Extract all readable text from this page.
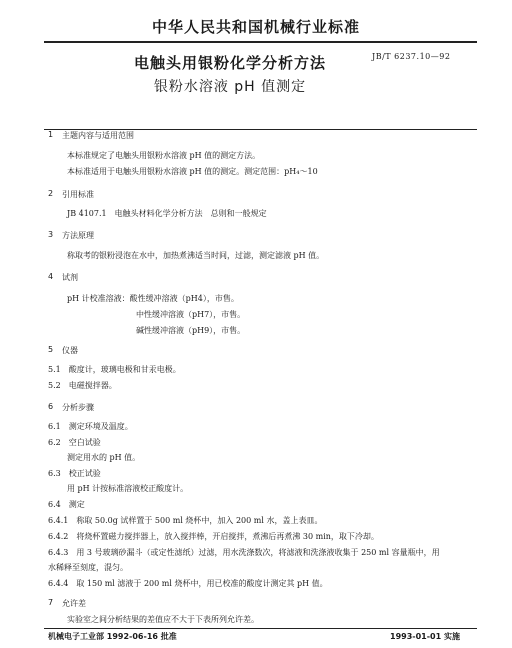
中华人民共和国机械行业标准
电触头用银粉化学分析方法
银粉水溶液 pH 值测定
JB/T 6237.10—92
1 主题内容与适用范围
本标准规定了电触头用银粉水溶液 pH 值的测定方法。
本标准适用于电触头用银粉水溶液 pH 值的测定。测定范围：pH₄～10
2 引用标准
JB 4107.1　电触头材料化学分析方法　总则和一般规定
3 方法原理
称取考的银粉浸泡在水中，加热煮沸适当时间，过滤，测定滤液 pH 值。
4 试剂
pH 计校准溶液：酸性缓冲溶液（pH4），市售。
中性缓冲溶液（pH7），市售。
碱性缓冲溶液（pH9），市售。
5 仪器
5.1　酸度计，玻璃电极和甘汞电极。
5.2　电磁搅拌器。
6 分析步骤
6.1　测定环境及温度。
6.2　空白试验
测定用水的 pH 值。
6.3　校正试验
用 pH 计按标准溶液校正酸度计。
6.4　测定
6.4.1　称取 50.0g 试样置于 500 ml 烧杯中，加入 200 ml 水，盖上表皿。
6.4.2　将烧杯置磁力搅拌器上，放入搅拌棒，开启搅拌，煮沸后再煮沸 30 min，取下冷却。
6.4.3　用 3 号玻璃砂漏斗（或定性滤纸）过滤，用水洗涤数次，将滤液和洗涤液收集于 250 ml 容量瓶中，用
水稀释至刻度，混匀。
6.4.4　取 150 ml 滤液于 200 ml 烧杯中，用已校准的酸度计测定其 pH 值。
7 允许差
实验室之间分析结果的差值应不大于下表所列允许差。
机械电子工业部 1992-06-16 批准	1993-01-01 实施
